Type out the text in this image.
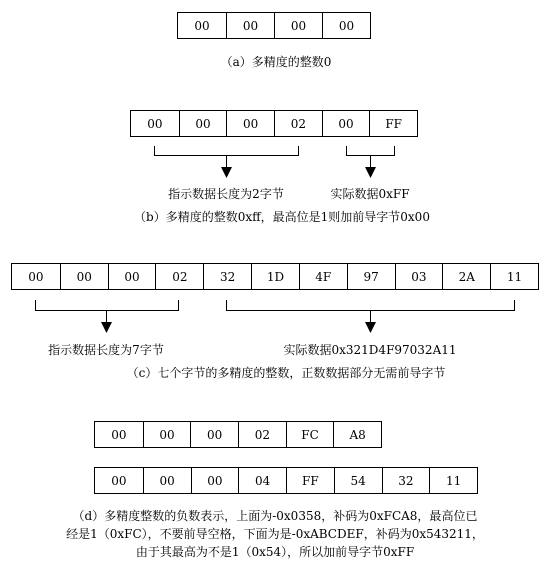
00	00	00	00
（a）多精度的整数0
00	00	00	02	00	FF
指示数据长度为2字节	实际数据0xFF
（b）多精度的整数0xff，最高位是1则加前导字节0x00
00	00	00	02	32	1D	4F	97	03	2A	11
指示数据长度为7字节	实际数据0x321D4F97032A11
（c）七个字节的多精度的整数，正数数据部分无需前导字节
00	00	00	02	FC	A8
00	00	00	04	FF	54	32	11
（d）多精度整数的负数表示，上面为-0x0358，补码为0xFCA8，最高位已
经是1（0xFC），不要前导空格，下面为是-0xABCDEF，补码为0x543211，
由于其最高为不是1（0x54），所以加前导字节0xFF
